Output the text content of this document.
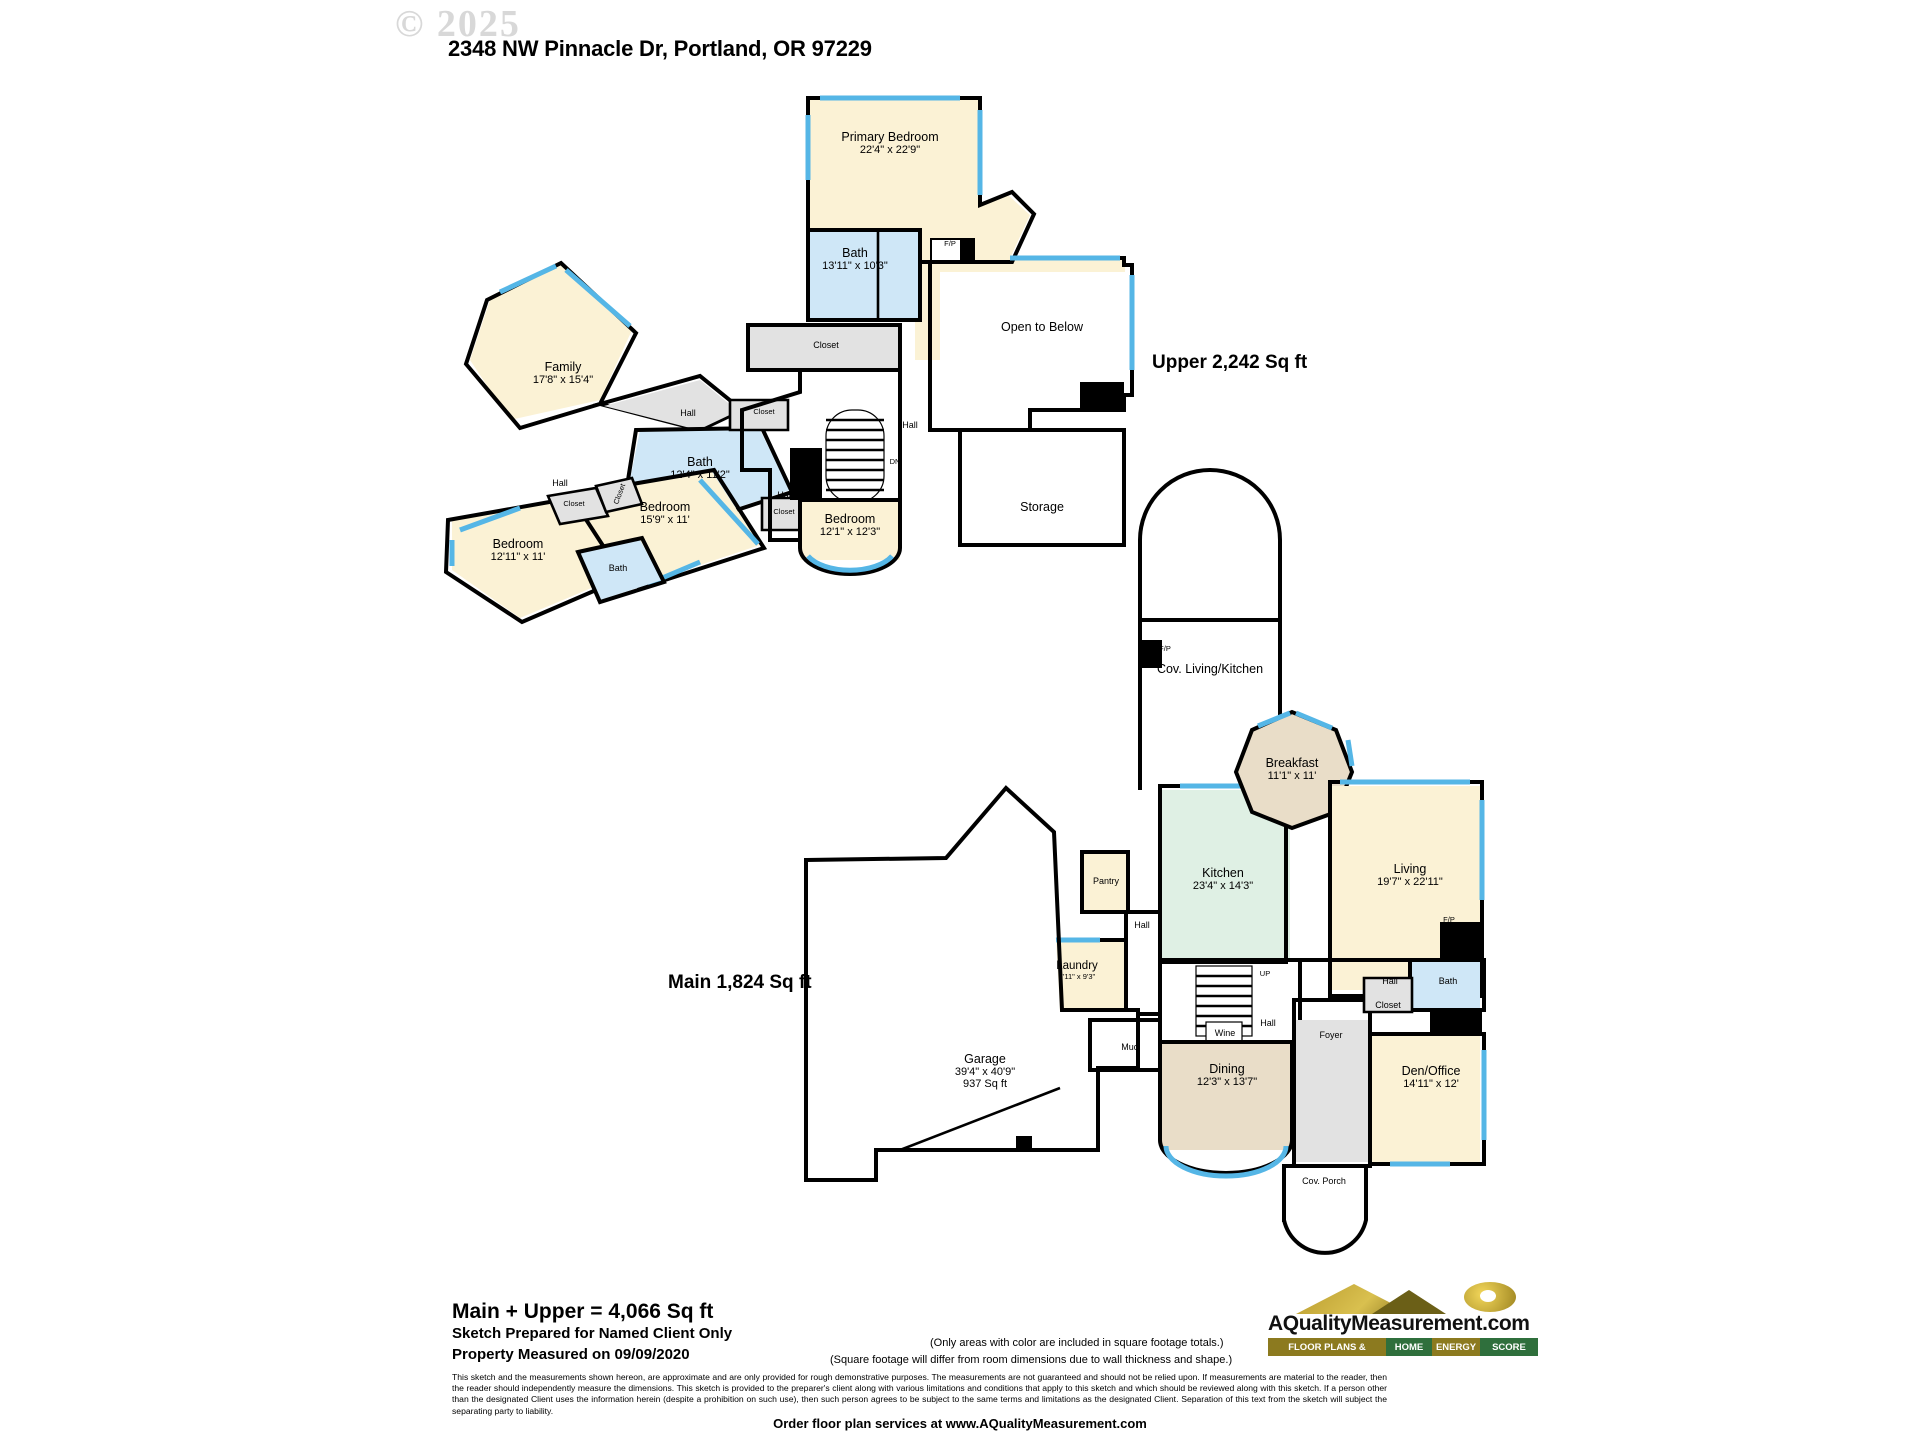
© 2025
2348 NW Pinnacle Dr, Portland, OR 97229
Primary Bedroom
22'4" x 22'9"
Bath
13'11" x 10'3"
Closet
Open to Below
Storage
Family
17'8" x 15'4"
Bath
12'4" x 11'2"
Bedroom
15'9" x 11'
Bedroom
12'11" x 11'
Bedroom
12'1" x 12'3"
Bath
F/P
Hall
Hall
Hall
Hall
Closet
Closet
Closet	Closet
DN
Upper 2,242 Sq ft
F/P
Cov. Living/Kitchen
Breakfast
11'1" x 11'
Kitchen
23'4" x 14'3"
Living
19'7" x 22'11"
Pantry
Laundry
7'11" x 9'3"
Garage
39'4" x 40'9"
937 Sq ft
Dining
12'3" x 13'7"
Foyer
Den/Office
14'11" x 12'
Bath
Cov. Porch
F/P
F/P
Hall
Hall
Hall
Closet
Wine
Mud
UP
Main 1,824 Sq ft
Main + Upper = 4,066 Sq ft
Sketch Prepared for Named Client Only
Property Measured on 09/09/2020
(Only areas with color are included in square footage totals.)
(Square footage will differ from room dimensions due to wall thickness and shape.)
This sketch and the measurements shown hereon, are approximate and are only provided for rough demonstrative purposes. The measurements are not guaranteed and should not be relied upon. If measurements are material to the reader, then the reader should independently measure the dimensions. This sketch is provided to the preparer's client along with various limitations and conditions that apply to this sketch and which should be reviewed along with this sketch. If a person other than the designated Client uses the information herein (despite a prohibition on such use), then such person agrees to be subject to the same terms and limitations as the designated Client. Separation of this text from the sketch will subject the separating party to liability.
Order floor plan services at www.AQualityMeasurement.com
AQualityMeasurement.com
FLOOR PLANS &	HOME	ENERGY	SCORE
